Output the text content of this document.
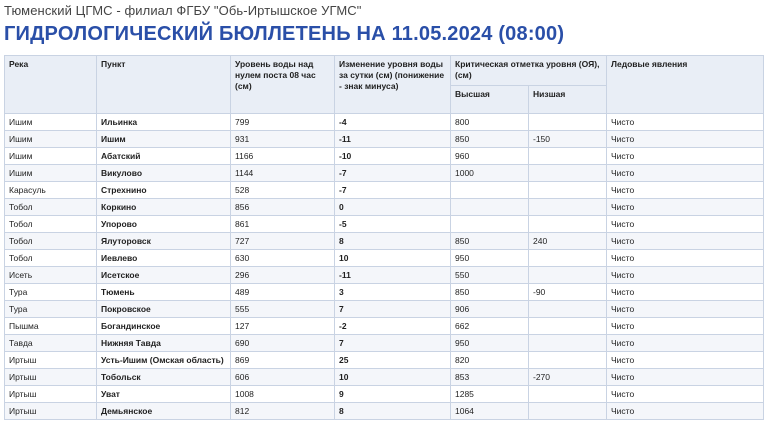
Тюменский ЦГМС - филиал ФГБУ "Обь-Иртышское УГМС"
ГИДРОЛОГИЧЕСКИЙ БЮЛЛЕТЕНЬ НА 11.05.2024 (08:00)
Река	Пункт	Уровень воды над нулем поста 08 час (см)	Изменение уровня воды за сутки (см) (понижение - знак минуса)	Критическая отметка уровня (ОЯ), (см)		Ледовые явления
				Высшая	Низшая	
Ишим	Ильинка	799	-4	800		Чисто
Ишим	Ишим	931	-11	850	-150	Чисто
Ишим	Абатский	1166	-10	960		Чисто
Ишим	Викулово	1144	-7	1000		Чисто
Карасуль	Стрехнино	528	-7			Чисто
Тобол	Коркино	856	0			Чисто
Тобол	Упорово	861	-5			Чисто
Тобол	Ялуторовск	727	8	850	240	Чисто
Тобол	Иевлево	630	10	950		Чисто
Исеть	Исетское	296	-11	550		Чисто
Тура	Тюмень	489	3	850	-90	Чисто
Тура	Покровское	555	7	906		Чисто
Пышма	Богандинское	127	-2	662		Чисто
Тавда	Нижняя Тавда	690	7	950		Чисто
Иртыш	Усть-Ишим (Омская область)	869	25	820		Чисто
Иртыш	Тобольск	606	10	853	-270	Чисто
Иртыш	Уват	1008	9	1285		Чисто
Иртыш	Демьянское	812	8	1064		Чисто
